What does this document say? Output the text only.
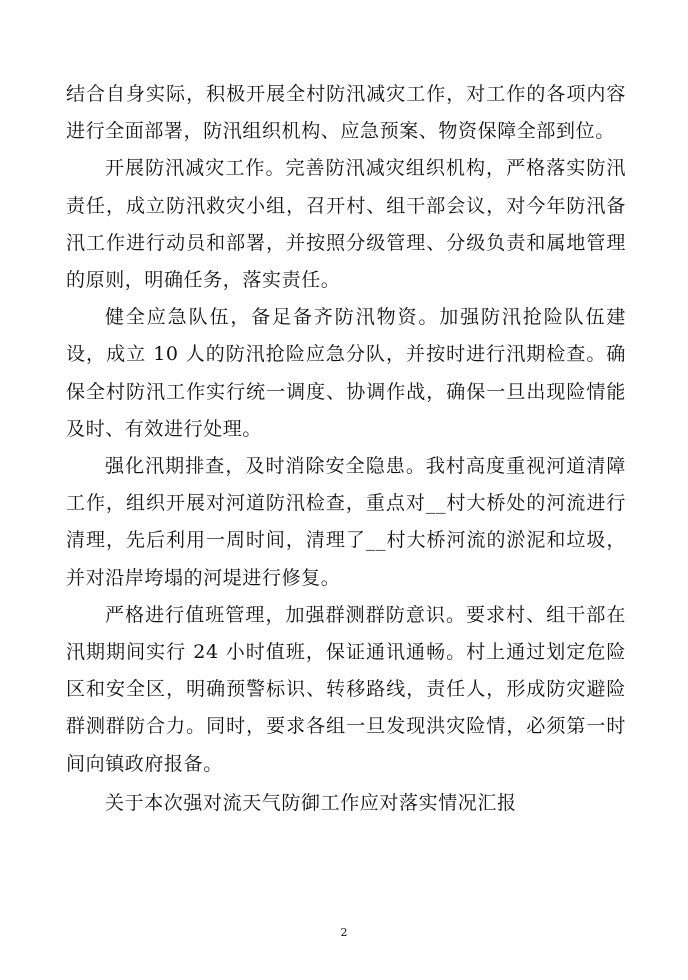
结合自身实际，积极开展全村防汛减灾工作，对工作的各项内容进行全面部署，防汛组织机构、应急预案、物资保障全部到位。

开展防汛减灾工作。完善防汛减灾组织机构，严格落实防汛责任，成立防汛救灾小组，召开村、组干部会议，对今年防汛备汛工作进行动员和部署，并按照分级管理、分级负责和属地管理的原则，明确任务，落实责任。

健全应急队伍，备足备齐防汛物资。加强防汛抢险队伍建设，成立 10 人的防汛抢险应急分队，并按时进行汛期检查。确保全村防汛工作实行统一调度、协调作战，确保一旦出现险情能及时、有效进行处理。

强化汛期排查，及时消除安全隐患。我村高度重视河道清障工作，组织开展对河道防汛检查，重点对__村大桥处的河流进行清理，先后利用一周时间，清理了__村大桥河流的淤泥和垃圾，并对沿岸垮塌的河堤进行修复。

严格进行值班管理，加强群测群防意识。要求村、组干部在汛期期间实行 24 小时值班，保证通讯通畅。村上通过划定危险区和安全区，明确预警标识、转移路线，责任人，形成防灾避险群测群防合力。同时，要求各组一旦发现洪灾险情，必须第一时间向镇政府报备。

关于本次强对流天气防御工作应对落实情况汇报

2
